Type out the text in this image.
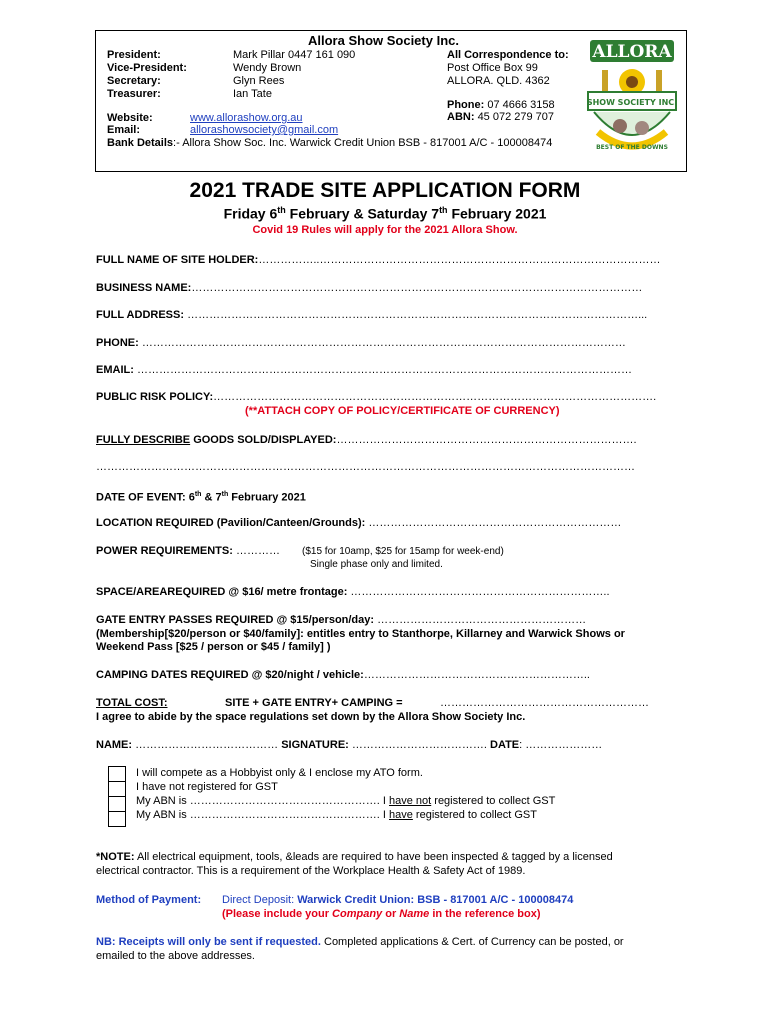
Allora Show Society Inc.
President:	Mark Pillar 0447 161 090
Vice-President:	Wendy Brown
Secretary:	Glyn Rees
Treasurer:	Ian Tate
All Correspondence to:
Post Office Box 99
ALLORA. QLD. 4362
Phone: 07 4666 3158
ABN: 45 072 279 707
Website:	www.allorashow.org.au
Email:	allorashowsociety@gmail.com
Bank Details:- Allora Show Soc. Inc. Warwick Credit Union BSB - 817001 A/C - 100008474
ALLORA
SHOW SOCIETY INC.
BEST OF THE DOWNS
2021 TRADE SITE APPLICATION FORM
Friday 6th February & Saturday 7th February 2021
Covid 19 Rules will apply for the 2021 Allora Show.
FULL NAME OF SITE HOLDER:……………..…………………………………………………………………………………
BUSINESS NAME:……………………………………………………………………………………………………………
FULL ADDRESS: ……………………………………………………………………………………………………………...
PHONE: ……………………………………………………………………………………………………………………
EMAIL: ………………………………………………………………………………………………………………………
PUBLIC RISK POLICY:………………………………………………………………………………………………………….
(**ATTACH COPY OF POLICY/CERTIFICATE OF CURRENCY)
FULLY DESCRIBE GOODS SOLD/DISPLAYED:……………………………………………………………………….
…………………………………………………………………………………………………………………………………
DATE OF EVENT: 6th & 7th February 2021
LOCATION REQUIRED (Pavilion/Canteen/Grounds): ……………………………………………………………
POWER REQUIREMENTS: ………… ($15 for 10amp, $25 for 15amp for week-end)
Single phase only and limited.
SPACE/AREAREQUIRED @ $16/ metre frontage: ……………………………………………………………..
GATE ENTRY PASSES REQUIRED @ $15/person/day: …………………………………………………
(Membership[$20/person or $40/family]: entitles entry to Stanthorpe, Killarney and Warwick Shows or
Weekend Pass [$25 / person or $45 / family] )
CAMPING DATES REQUIRED @ $20/night / vehicle:……………………………………………………..
TOTAL COST:	SITE + GATE ENTRY+ CAMPING =	…………………………………………………
I agree to abide by the space regulations set down by the Allora Show Society Inc.
NAME: ………………………………… SIGNATURE: ………………………………. DATE: …………………
I will compete as a Hobbyist only & I enclose my ATO form.
I have not registered for GST
My ABN is ……………………………………………. I have not registered to collect GST
My ABN is ……………………………………………. I have registered to collect GST
*NOTE: All electrical equipment, tools, &leads are required to have been inspected & tagged by a licensed
electrical contractor. This is a requirement of the Workplace Health & Safety Act of 1989.
Method of Payment: Direct Deposit: Warwick Credit Union: BSB - 817001 A/C - 100008474
(Please include your Company or Name in the reference box)
NB: Receipts will only be sent if requested. Completed applications & Cert. of Currency can be posted, or
emailed to the above addresses.
